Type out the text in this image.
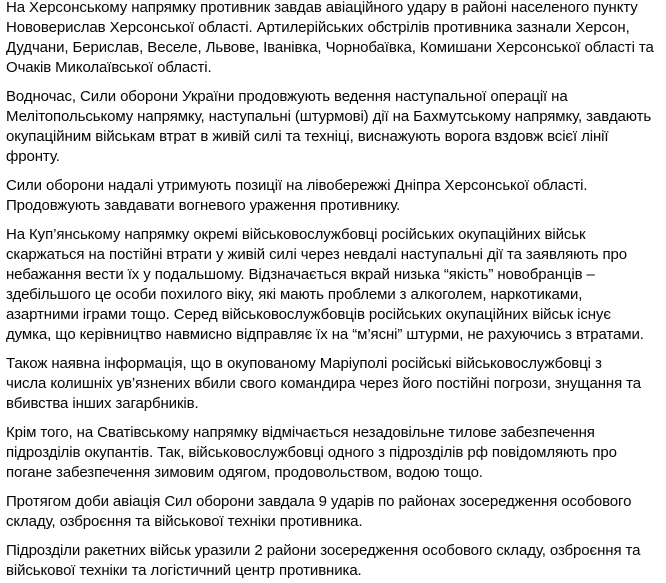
На Херсонському напрямку противник завдав авіаційного удару в районі населеного пункту
Нововерислав Херсонської області. Артилерійських обстрілів противника зазнали Херсон,
Дудчани, Берислав, Веселе, Львове, Іванівка, Чорнобаївка, Комишани Херсонської області та
Очаків Миколаївської області.

Водночас, Сили оборони України продовжують ведення наступальної операції на
Мелітопольському напрямку, наступальні (штурмові) дії на Бахмутському напрямку, завдають
окупаційним військам втрат в живій силі та техніці, виснажують ворога вздовж всієї лінії
фронту.

Сили оборони надалі утримують позиції на лівобережжі Дніпра Херсонської області.
Продовжують завдавати вогневого ураження противнику.

На Куп’янському напрямку окремі військовослужбовці російських окупаційних військ
скаржаться на постійні втрати у живій силі через невдалі наступальні дії та заявляють про
небажання вести їх у подальшому. Відзначається вкрай низька “якість” новобранців –
здебільшого це особи похилого віку, які мають проблеми з алкоголем, наркотиками,
азартними іграми тощо. Серед військовослужбовців російських окупаційних військ існує
думка, що керівництво навмисно відправляє їх на “м’ясні” штурми, не рахуючись з втратами.

Також наявна інформація, що в окупованому Маріуполі російські військовослужбовці з
числа колишніх ув’язнених вбили свого командира через його постійні погрози, знущання та
вбивства інших загарбників.

Крім того, на Сватівському напрямку відмічається незадовільне тилове забезпечення
підрозділів окупантів. Так, військовослужбовці одного з підрозділів рф повідомляють про
погане забезпечення зимовим одягом, продовольством, водою тощо.

Протягом доби авіація Сил оборони завдала 9 ударів по районах зосередження особового
складу, озброєння та військової техніки противника.

Підрозділи ракетних військ уразили 2 райони зосередження особового складу, озброєння та
військової техніки та логістичний центр противника.
